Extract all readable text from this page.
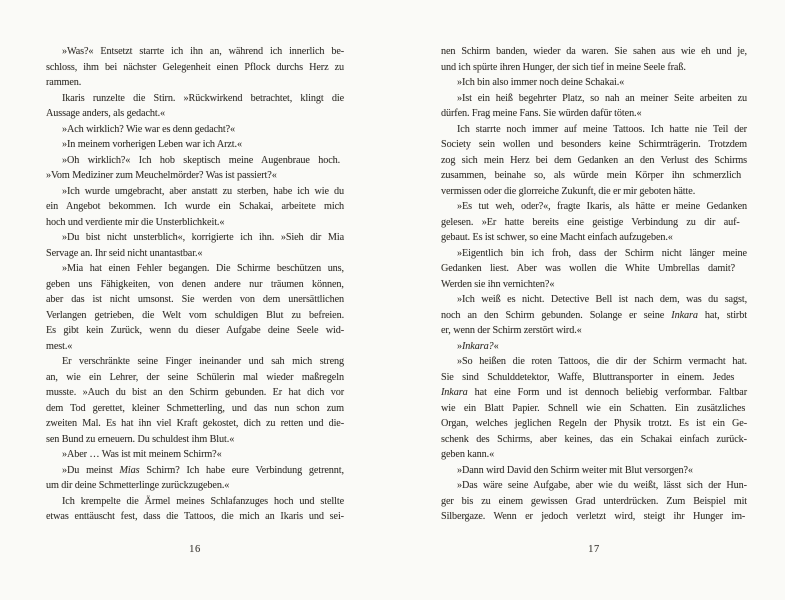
»Was?« Entsetzt starrte ich ihn an, während ich innerlich be-
schloss, ihm bei nächster Gelegenheit einen Pflock durchs Herz zu
rammen.
Ikaris runzelte die Stirn. »Rückwirkend betrachtet, klingt die
Aussage anders, als gedacht.«
»Ach wirklich? Wie war es denn gedacht?«
»In meinem vorherigen Leben war ich Arzt.«
»Oh wirklich?« Ich hob skeptisch meine Augenbraue hoch.
»Vom Mediziner zum Meuchelmörder? Was ist passiert?«
»Ich wurde umgebracht, aber anstatt zu sterben, habe ich wie du
ein Angebot bekommen. Ich wurde ein Schakai, arbeitete mich
hoch und verdiente mir die Unsterblichkeit.«
»Du bist nicht unsterblich«, korrigierte ich ihn. »Sieh dir Mia
Servage an. Ihr seid nicht unantastbar.«
»Mia hat einen Fehler begangen. Die Schirme beschützen uns,
geben uns Fähigkeiten, von denen andere nur träumen können,
aber das ist nicht umsonst. Sie werden von dem unersättlichen
Verlangen getrieben, die Welt vom schuldigen Blut zu befreien.
Es gibt kein Zurück, wenn du dieser Aufgabe deine Seele wid-
mest.«
Er verschränkte seine Finger ineinander und sah mich streng
an, wie ein Lehrer, der seine Schülerin mal wieder maßregeln
musste. »Auch du bist an den Schirm gebunden. Er hat dich vor
dem Tod gerettet, kleiner Schmetterling, und das nun schon zum
zweiten Mal. Es hat ihn viel Kraft gekostet, dich zu retten und die-
sen Bund zu erneuern. Du schuldest ihm Blut.«
»Aber … Was ist mit meinem Schirm?«
»Du meinst Mias Schirm? Ich habe eure Verbindung getrennt,
um dir deine Schmetterlinge zurückzugeben.«
Ich krempelte die Ärmel meines Schlafanzuges hoch und stellte
etwas enttäuscht fest, dass die Tattoos, die mich an Ikaris und sei-
16
nen Schirm banden, wieder da waren. Sie sahen aus wie eh und je,
und ich spürte ihren Hunger, der sich tief in meine Seele fraß.
»Ich bin also immer noch deine Schakai.«
»Ist ein heiß begehrter Platz, so nah an meiner Seite arbeiten zu
dürfen. Frag meine Fans. Sie würden dafür töten.«
Ich starrte noch immer auf meine Tattoos. Ich hatte nie Teil der
Society sein wollen und besonders keine Schirmträgerin. Trotzdem
zog sich mein Herz bei dem Gedanken an den Verlust des Schirms
zusammen, beinahe so, als würde mein Körper ihn schmerzlich
vermissen oder die glorreiche Zukunft, die er mir geboten hätte.
»Es tut weh, oder?«, fragte Ikaris, als hätte er meine Gedanken
gelesen. »Er hatte bereits eine geistige Verbindung zu dir auf-
gebaut. Es ist schwer, so eine Macht einfach aufzugeben.«
»Eigentlich bin ich froh, dass der Schirm nicht länger meine
Gedanken liest. Aber was wollen die White Umbrellas damit?
Werden sie ihn vernichten?«
»Ich weiß es nicht. Detective Bell ist nach dem, was du sagst,
noch an den Schirm gebunden. Solange er seine Inkara hat, stirbt
er, wenn der Schirm zerstört wird.«
»Inkara?«
»So heißen die roten Tattoos, die dir der Schirm vermacht hat.
Sie sind Schulddetektor, Waffe, Bluttransporter in einem. Jedes
Inkara hat eine Form und ist dennoch beliebig verformbar. Faltbar
wie ein Blatt Papier. Schnell wie ein Schatten. Ein zusätzliches
Organ, welches jeglichen Regeln der Physik trotzt. Es ist ein Ge-
schenk des Schirms, aber keines, das ein Schakai einfach zurück-
geben kann.«
»Dann wird David den Schirm weiter mit Blut versorgen?«
»Das wäre seine Aufgabe, aber wie du weißt, lässt sich der Hun-
ger bis zu einem gewissen Grad unterdrücken. Zum Beispiel mit
Silbergaze. Wenn er jedoch verletzt wird, steigt ihr Hunger im-
17
